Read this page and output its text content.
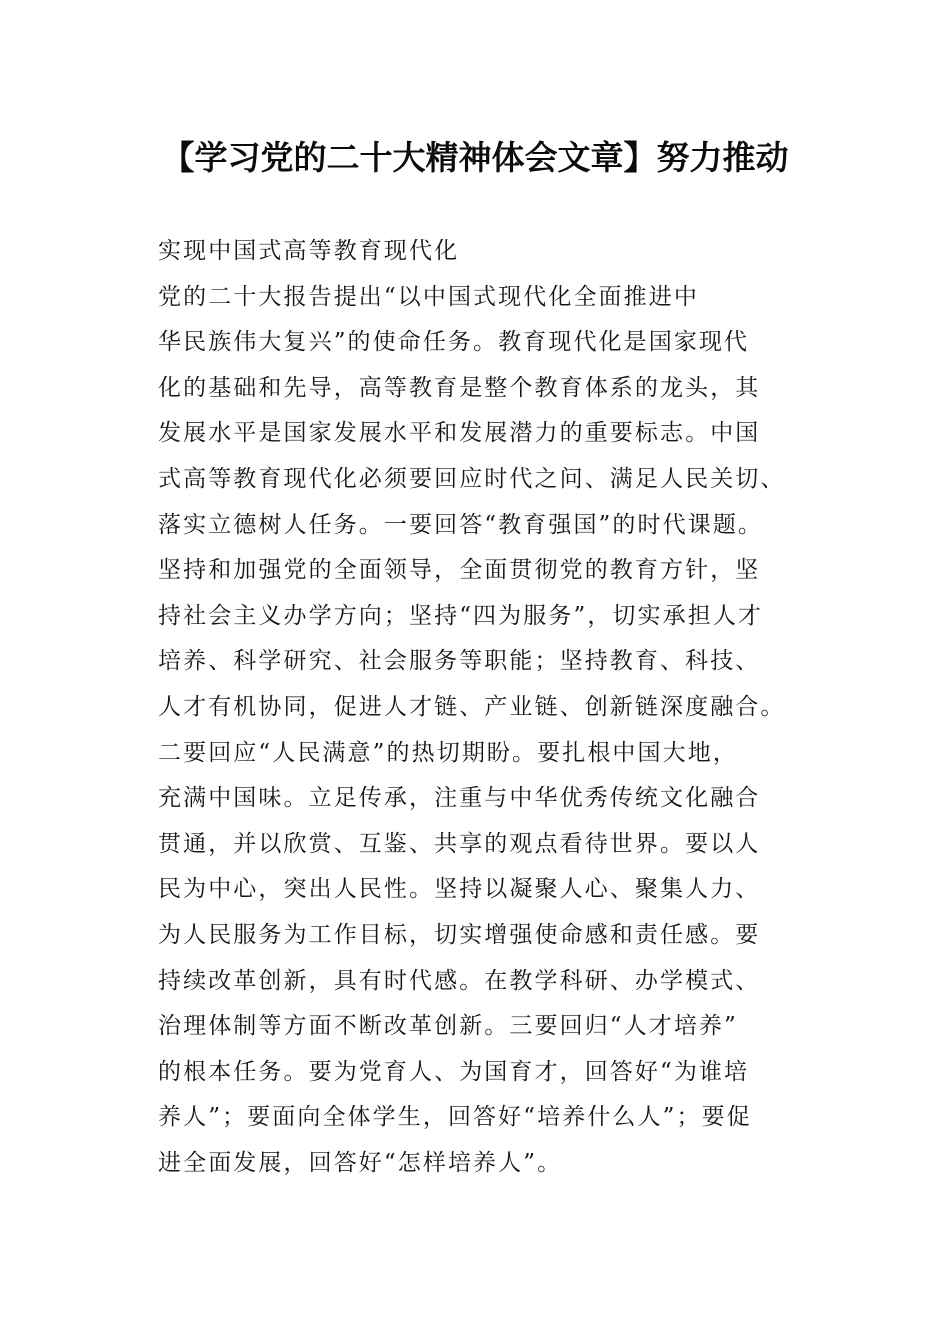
【学习党的二十大精神体会文章】努力推动
实现中国式高等教育现代化
党的二十大报告提出“以中国式现代化全面推进中
华民族伟大复兴”的使命任务。教育现代化是国家现代
化的基础和先导，高等教育是整个教育体系的龙头，其
发展水平是国家发展水平和发展潜力的重要标志。中国
式高等教育现代化必须要回应时代之问、满足人民关切、
落实立德树人任务。一要回答“教育强国”的时代课题。
坚持和加强党的全面领导，全面贯彻党的教育方针，坚
持社会主义办学方向；坚持“四为服务”，切实承担人才
培养、科学研究、社会服务等职能；坚持教育、科技、
人才有机协同，促进人才链、产业链、创新链深度融合。
二要回应“人民满意”的热切期盼。要扎根中国大地，
充满中国味。立足传承，注重与中华优秀传统文化融合
贯通，并以欣赏、互鉴、共享的观点看待世界。要以人
民为中心，突出人民性。坚持以凝聚人心、聚集人力、
为人民服务为工作目标，切实增强使命感和责任感。要
持续改革创新，具有时代感。在教学科研、办学模式、
治理体制等方面不断改革创新。三要回归“人才培养”
的根本任务。要为党育人、为国育才，回答好“为谁培
养人”；要面向全体学生，回答好“培养什么人”；要促
进全面发展，回答好“怎样培养人”。
